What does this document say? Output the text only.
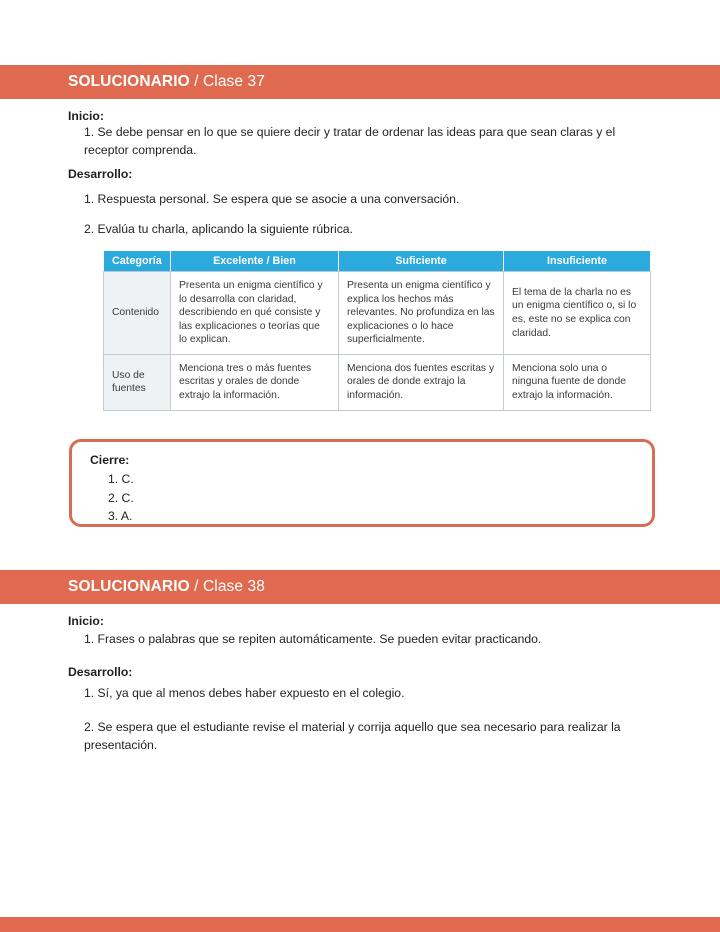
SOLUCIONARIO / Clase 37
Inicio:
1. Se debe pensar en lo que se quiere decir y tratar de ordenar las ideas para que sean claras y el receptor comprenda.
Desarrollo:
1. Respuesta personal. Se espera que se asocie a una conversación.
2. Evalúa tu charla, aplicando la siguiente rúbrica.
Categoría	Excelente / Bien	Suficiente	Insuficiente
Contenido	Presenta un enigma científico y lo desarrolla con claridad, describiendo en qué consiste y las explicaciones o teorías que lo explican.	Presenta un enigma científico y explica los hechos más relevantes. No profundiza en las explicaciones o lo hace superficialmente.	El tema de la charla no es un enigma científico o, si lo es, este no se explica con claridad.
Uso de fuentes	Menciona tres o más fuentes escritas y orales de donde extrajo la información.	Menciona dos fuentes escritas y orales de donde extrajo la información.	Menciona solo una o ninguna fuente de donde extrajo la información.
Cierre:
1. C.
2. C.
3. A.
SOLUCIONARIO / Clase 38
Inicio:
1. Frases o palabras que se repiten automáticamente. Se pueden evitar practicando.
Desarrollo:
1. Sí, ya que al menos debes haber expuesto en el colegio.
2. Se espera que el estudiante revise el material y corrija aquello que sea necesario para realizar la presentación.
